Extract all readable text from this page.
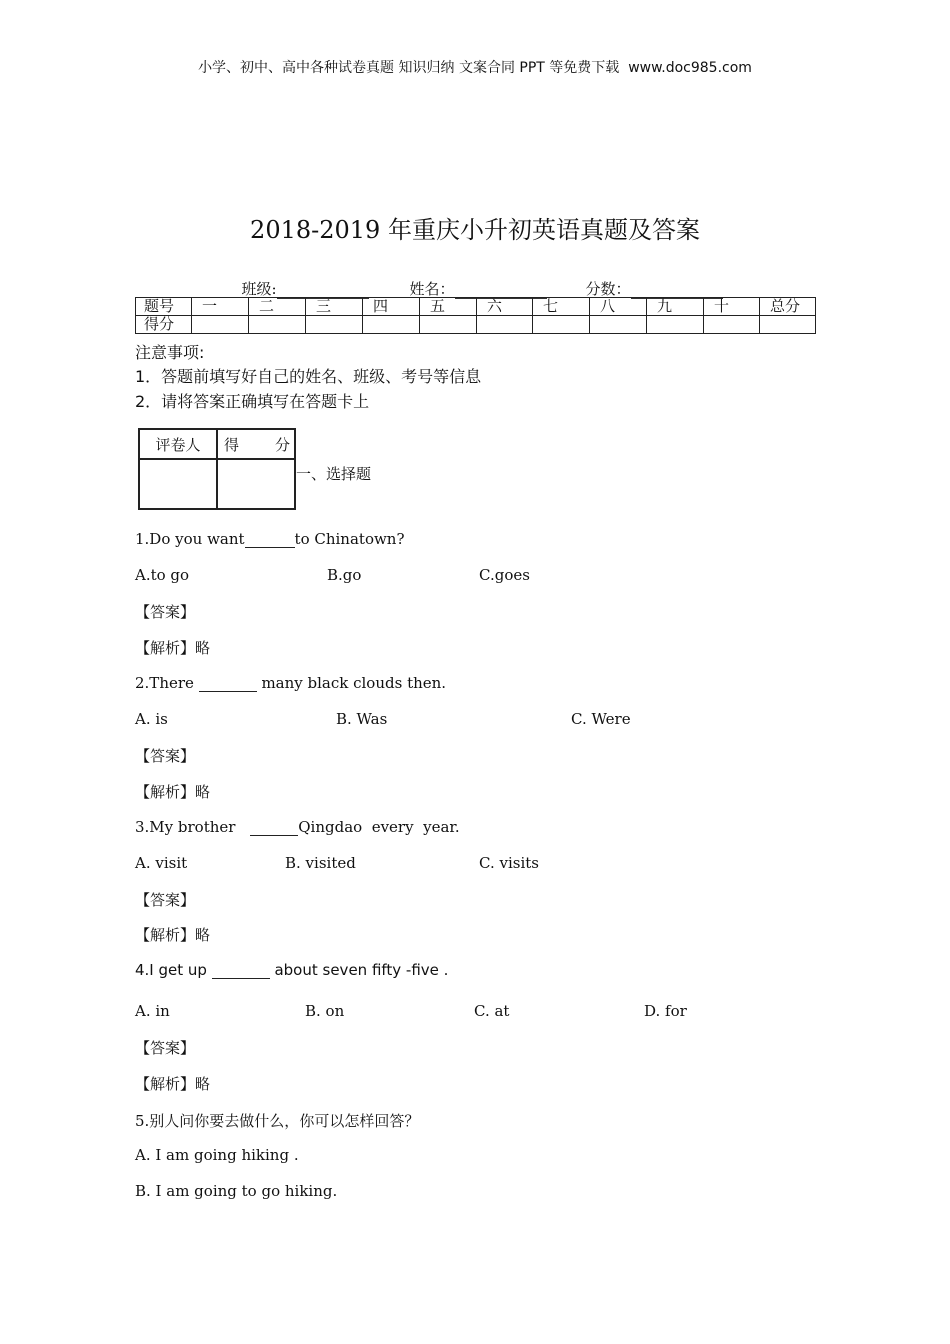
小学、初中、高中各种试卷真题 知识归纳 文案合同 PPT 等免费下载  www.doc985.com
2018-2019 年重庆小升初英语真题及答案

班级:	姓名：	分数：

题号	一	二	三	四	五	六	七	八	九	十	总分
得分											
注意事项:
1．答题前填写好自己的姓名、班级、考号等信息
2．请将答案正确填写在答题卡上
评卷人	得 分

一、选择题
1.Do you want	to Chinatown?
A.to go	B.go	C.goes
【答案】
【解析】略
2.There	many black clouds then.
A. is	B. Was	C. Were
【答案】
【解析】略
3.My brother	Qingdao  every  year.
A. visit	B. visited	C. visits
【答案】
【解析】略
4.I get up	about seven fifty -five .
A. in	B. on	C. at	D. for
【答案】
【解析】略
5.别人问你要去做什么，你可以怎样回答？
A. I am going hiking .
B. I am going to go hiking.
